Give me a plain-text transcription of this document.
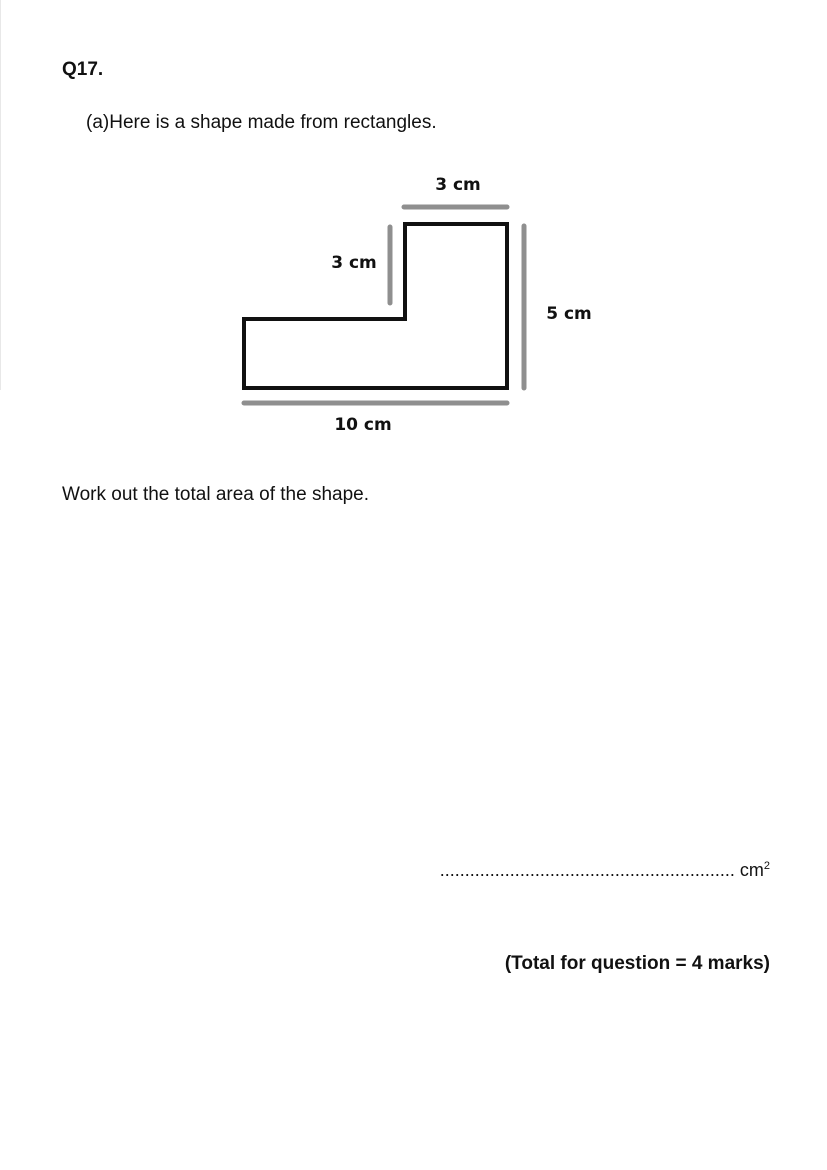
Q17.

(a)Here is a shape made from rectangles.

3 cm
3 cm
5 cm
10 cm

Work out the total area of the shape.

........................................................... $cm^2$

(Total for question = 4 marks)
